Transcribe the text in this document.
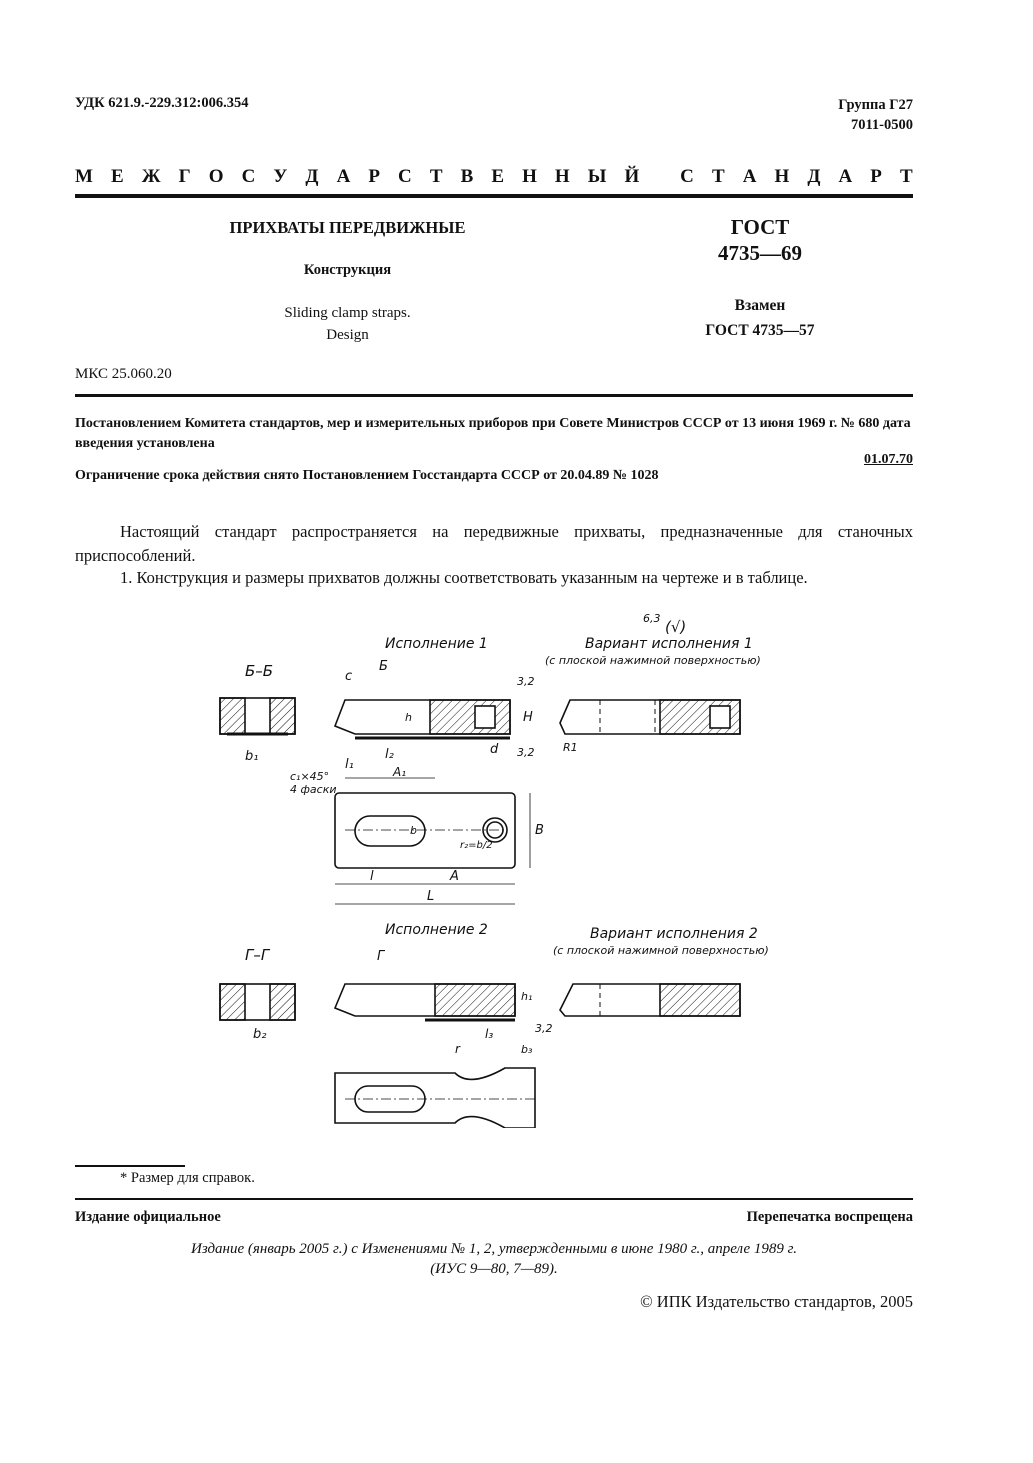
УДК 621.9.-229.312:006.354	Группа Г27
7011-0500
М Е Ж Г О С У Д А Р С Т В Е Н Н Ы Й
С Т А Н Д А Р Т
ПРИХВАТЫ ПЕРЕДВИЖНЫЕ
Конструкция
Sliding clamp straps.
Design
ГОСТ
4735—69
Взамен
ГОСТ 4735—57
МКС 25.060.20
Постановлением Комитета стандартов, мер и измерительных приборов при Совете Министров СССР от 13 июня 1969 г. № 680 дата введения установлена
01.07.70
Ограничение срока действия снято Постановлением Госстандарта СССР от 20.04.89 № 1028
Настоящий стандарт распространяется на передвижные прихваты, предназначенные для станочных приспособлений.
1. Конструкция и размеры прихватов должны соответствовать указанным на чертеже и в таблице.
6,3 (√)
Исполнение 1	Вариант исполнения 1
(с плоской нажимной поверхностью)
Б–Б	Б
c
b₁
l₁
l₂	d
H
h
3,2
3,2	R1
c₁×45°
4 фаски
A₁
B
b
r₂=b/2
l	A
L
Исполнение 2	Вариант исполнения 2
(с плоской нажимной поверхностью)
Г–Г	Г
b₂
h₁
3,2
l₃
r	b₃
* Размер для справок.
Издание официальное	Перепечатка воспрещена
Издание (январь 2005 г.) с Изменениями № 1, 2, утвержденными в июне 1980 г., апреле 1989 г.
(ИУС 9—80, 7—89).
© ИПК Издательство стандартов, 2005
